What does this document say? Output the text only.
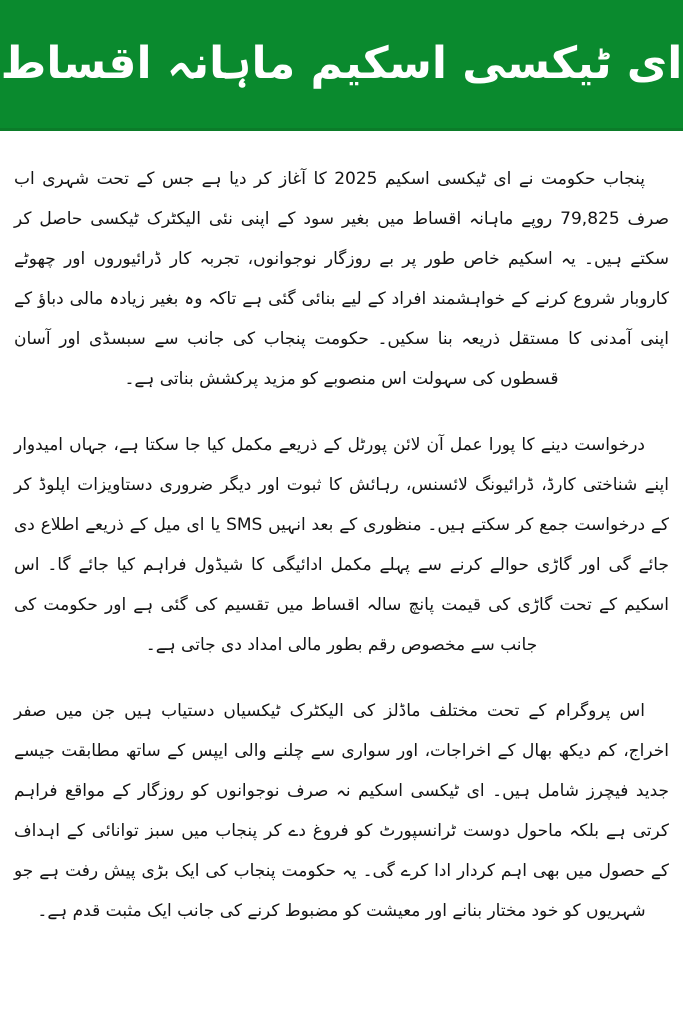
ای ٹیکسی اسکیم ماہانہ اقساط

پنجاب حکومت نے ای ٹیکسی اسکیم 2025 کا آغاز کر دیا ہے جس کے تحت شہری اب صرف 79,825 روپے ماہانہ اقساط میں بغیر سود کے اپنی نئی الیکٹرک ٹیکسی حاصل کر سکتے ہیں۔ یہ اسکیم خاص طور پر بے روزگار نوجوانوں، تجربہ کار ڈرائیوروں اور چھوٹے کاروبار شروع کرنے کے خواہشمند افراد کے لیے بنائی گئی ہے تاکہ وہ بغیر زیادہ مالی دباؤ کے اپنی آمدنی کا مستقل ذریعہ بنا سکیں۔ حکومت پنجاب کی جانب سے سبسڈی اور آسان قسطوں کی سہولت اس منصوبے کو مزید پرکشش بناتی ہے۔

درخواست دینے کا پورا عمل آن لائن پورٹل کے ذریعے مکمل کیا جا سکتا ہے، جہاں امیدوار اپنے شناختی کارڈ، ڈرائیونگ لائسنس، رہائش کا ثبوت اور دیگر ضروری دستاویزات اپلوڈ کر کے درخواست جمع کر سکتے ہیں۔ منظوری کے بعد انہیں SMS یا ای میل کے ذریعے اطلاع دی جائے گی اور گاڑی حوالے کرنے سے پہلے مکمل ادائیگی کا شیڈول فراہم کیا جائے گا۔ اس اسکیم کے تحت گاڑی کی قیمت پانچ سالہ اقساط میں تقسیم کی گئی ہے اور حکومت کی جانب سے مخصوص رقم بطور مالی امداد دی جاتی ہے۔

اس پروگرام کے تحت مختلف ماڈلز کی الیکٹرک ٹیکسیاں دستیاب ہیں جن میں صفر اخراج، کم دیکھ بھال کے اخراجات، اور سواری سے چلنے والی ایپس کے ساتھ مطابقت جیسے جدید فیچرز شامل ہیں۔ ای ٹیکسی اسکیم نہ صرف نوجوانوں کو روزگار کے مواقع فراہم کرتی ہے بلکہ ماحول دوست ٹرانسپورٹ کو فروغ دے کر پنجاب میں سبز توانائی کے اہداف کے حصول میں بھی اہم کردار ادا کرے گی۔ یہ حکومت پنجاب کی ایک بڑی پیش رفت ہے جو شہریوں کو خود مختار بنانے اور معیشت کو مضبوط کرنے کی جانب ایک مثبت قدم ہے۔
